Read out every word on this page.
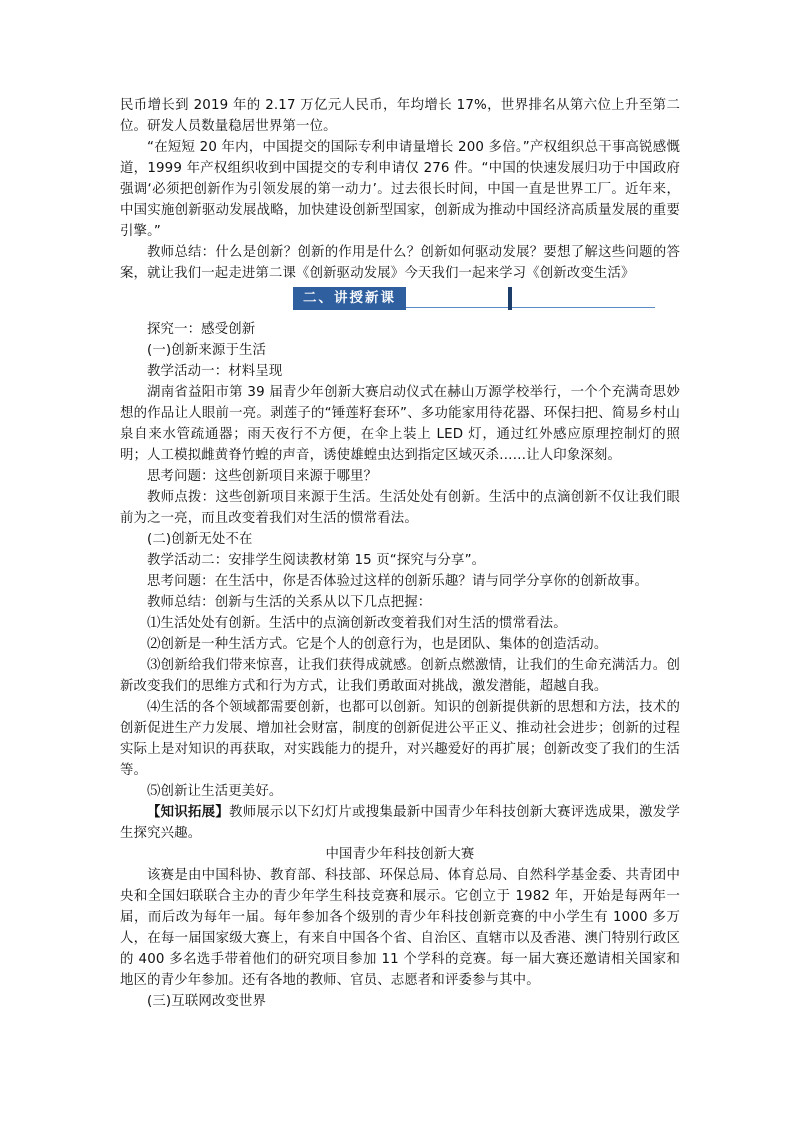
民币增长到 2019 年的 2.17 万亿元人民币，年均增长 17%，世界排名从第六位上升至第二位。研发人员数量稳居世界第一位。

“在短短 20 年内，中国提交的国际专利申请量增长 200 多倍。”产权组织总干事高锐感慨道，1999 年产权组织收到中国提交的专利申请仅 276 件。“中国的快速发展归功于中国政府强调‘必须把创新作为引领发展的第一动力’。过去很长时间，中国一直是世界工厂。近年来，中国实施创新驱动发展战略，加快建设创新型国家，创新成为推动中国经济高质量发展的重要引擎。”

教师总结：什么是创新？创新的作用是什么？创新如何驱动发展？要想了解这些问题的答案，就让我们一起走进第二课《创新驱动发展》今天我们一起来学习《创新改变生活》

二、讲授新课

探究一：感受创新

(一)创新来源于生活

教学活动一：材料呈现

湖南省益阳市第 39 届青少年创新大赛启动仪式在赫山万源学校举行，一个个充满奇思妙想的作品让人眼前一亮。剥莲子的“锤莲籽套环”、多功能家用待花器、环保扫把、简易乡村山泉自来水管疏通器；雨天夜行不方便，在伞上装上 LED 灯，通过红外感应原理控制灯的照明；人工模拟雌黄脊竹蝗的声音，诱使雄蝗虫达到指定区域灭杀……让人印象深刻。

思考问题：这些创新项目来源于哪里？

教师点拨：这些创新项目来源于生活。生活处处有创新。生活中的点滴创新不仅让我们眼前为之一亮，而且改变着我们对生活的惯常看法。

(二)创新无处不在

教学活动二：安排学生阅读教材第 15 页“探究与分享”。

思考问题：在生活中，你是否体验过这样的创新乐趣？请与同学分享你的创新故事。

教师总结：创新与生活的关系从以下几点把握：

⑴生活处处有创新。生活中的点滴创新改变着我们对生活的惯常看法。

⑵创新是一种生活方式。它是个人的创意行为，也是团队、集体的创造活动。

⑶创新给我们带来惊喜，让我们获得成就感。创新点燃激情，让我们的生命充满活力。创新改变我们的思维方式和行为方式，让我们勇敢面对挑战，激发潜能，超越自我。

⑷生活的各个领域都需要创新，也都可以创新。知识的创新提供新的思想和方法，技术的创新促进生产力发展、增加社会财富，制度的创新促进公平正义、推动社会进步；创新的过程实际上是对知识的再获取，对实践能力的提升，对兴趣爱好的再扩展；创新改变了我们的生活等。

⑸创新让生活更美好。

【知识拓展】教师展示以下幻灯片或搜集最新中国青少年科技创新大赛评选成果，激发学生探究兴趣。

中国青少年科技创新大赛

该赛是由中国科协、教育部、科技部、环保总局、体育总局、自然科学基金委、共青团中央和全国妇联联合主办的青少年学生科技竞赛和展示。它创立于 1982 年，开始是每两年一届，而后改为每年一届。每年参加各个级别的青少年科技创新竞赛的中小学生有 1000 多万人，在每一届国家级大赛上，有来自中国各个省、自治区、直辖市以及香港、澳门特别行政区的 400 多名选手带着他们的研究项目参加 11 个学科的竞赛。每一届大赛还邀请相关国家和地区的青少年参加。还有各地的教师、官员、志愿者和评委参与其中。

(三)互联网改变世界
